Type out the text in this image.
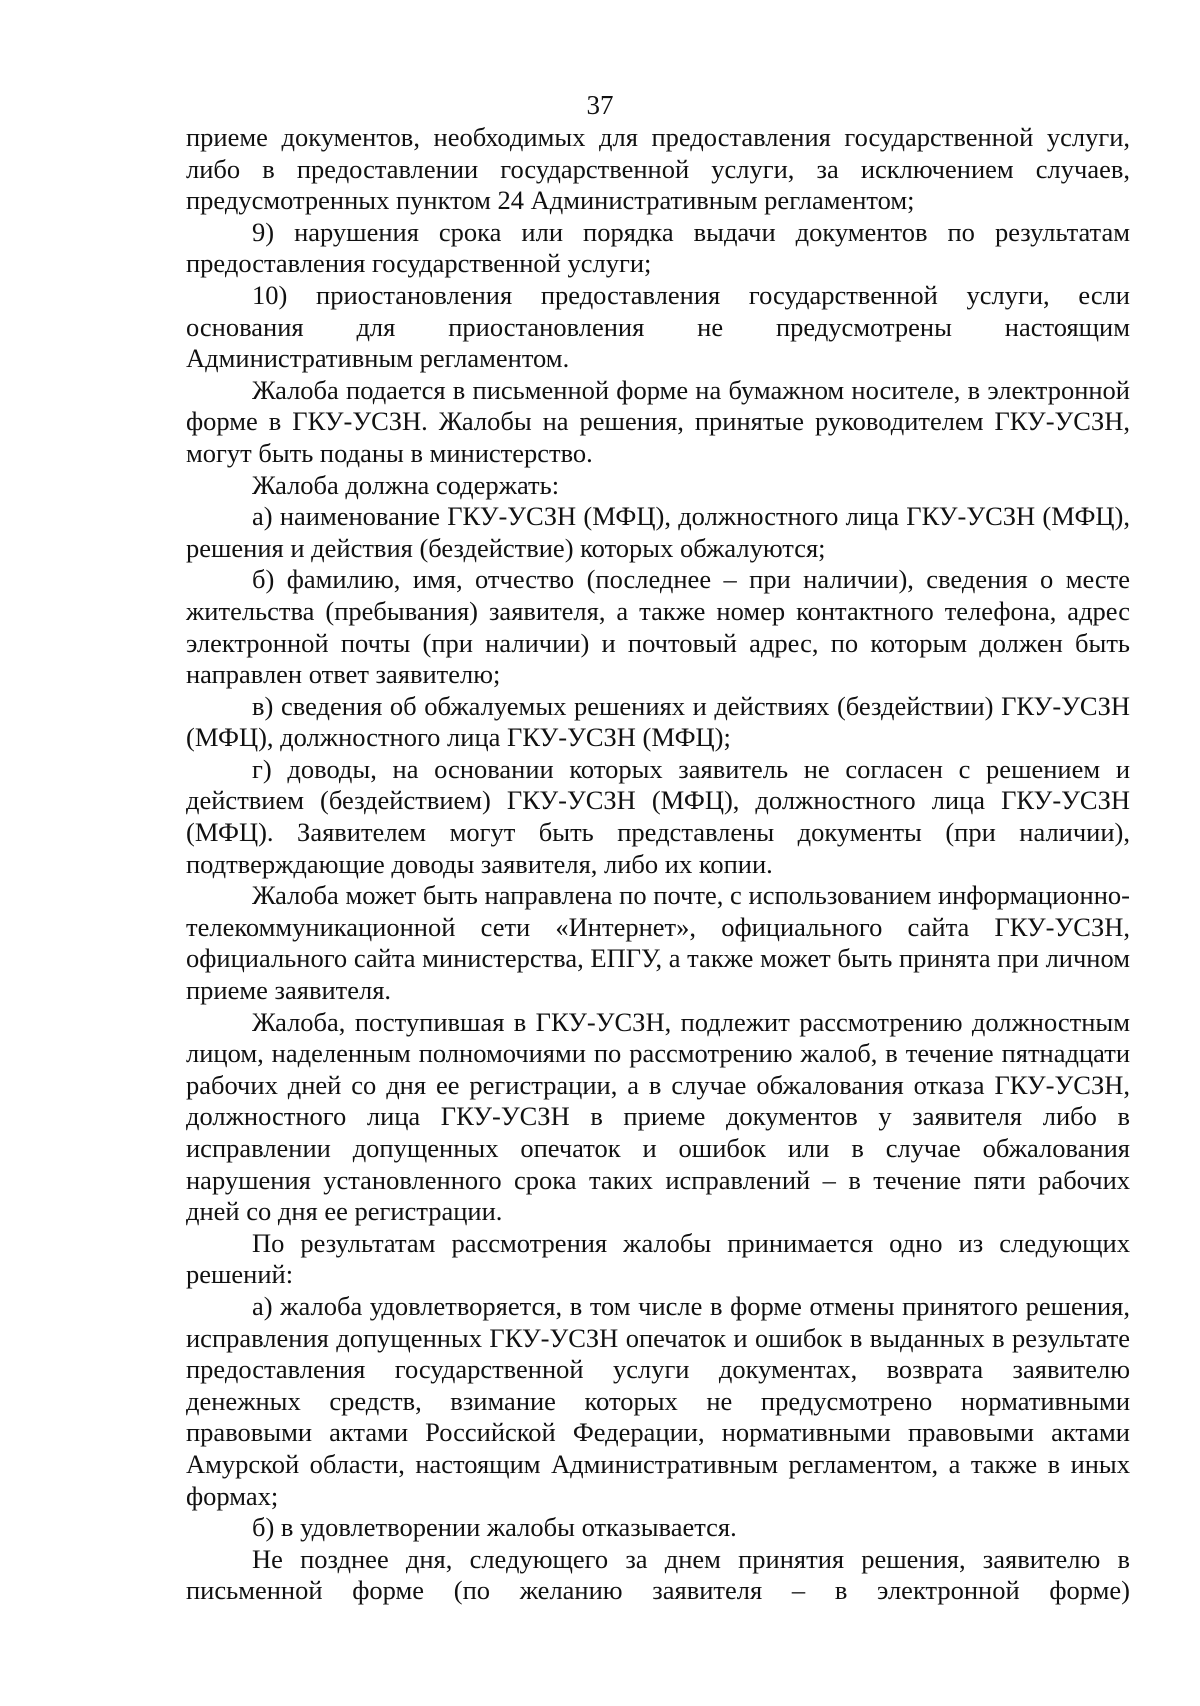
37

приеме документов, необходимых для предоставления государственной услуги, либо в предоставлении государственной услуги, за исключением случаев, предусмотренных пунктом 24 Административным регламентом;

9) нарушения срока или порядка выдачи документов по результатам предоставления государственной услуги;

10) приостановления предоставления государственной услуги, если основания для приостановления не предусмотрены настоящим Административным регламентом.

Жалоба подается в письменной форме на бумажном носителе, в электронной форме в ГКУ-УСЗН. Жалобы на решения, принятые руководителем ГКУ-УСЗН, могут быть поданы в министерство.

Жалоба должна содержать:

а) наименование ГКУ-УСЗН (МФЦ), должностного лица ГКУ-УСЗН (МФЦ), решения и действия (бездействие) которых обжалуются;

б) фамилию, имя, отчество (последнее – при наличии), сведения о месте жительства (пребывания) заявителя, а также номер контактного телефона, адрес электронной почты (при наличии) и почтовый адрес, по которым должен быть направлен ответ заявителю;

в) сведения об обжалуемых решениях и действиях (бездействии) ГКУ-УСЗН (МФЦ), должностного лица ГКУ-УСЗН (МФЦ);

г) доводы, на основании которых заявитель не согласен с решением и действием (бездействием) ГКУ-УСЗН (МФЦ), должностного лица ГКУ-УСЗН (МФЦ). Заявителем могут быть представлены документы (при наличии), подтверждающие доводы заявителя, либо их копии.

Жалоба может быть направлена по почте, с использованием информационно-телекоммуникационной сети «Интернет», официального сайта ГКУ-УСЗН, официального сайта министерства, ЕПГУ, а также может быть принята при личном приеме заявителя.

Жалоба, поступившая в ГКУ-УСЗН, подлежит рассмотрению должностным лицом, наделенным полномочиями по рассмотрению жалоб, в течение пятнадцати рабочих дней со дня ее регистрации, а в случае обжалования отказа ГКУ-УСЗН, должностного лица ГКУ-УСЗН в приеме документов у заявителя либо в исправлении допущенных опечаток и ошибок или в случае обжалования нарушения установленного срока таких исправлений – в течение пяти рабочих дней со дня ее регистрации.

По результатам рассмотрения жалобы принимается одно из следующих решений:

а) жалоба удовлетворяется, в том числе в форме отмены принятого решения, исправления допущенных ГКУ-УСЗН опечаток и ошибок в выданных в результате предоставления государственной услуги документах, возврата заявителю денежных средств, взимание которых не предусмотрено нормативными правовыми актами Российской Федерации, нормативными правовыми актами Амурской области, настоящим Административным регламентом, а также в иных формах;

б) в удовлетворении жалобы отказывается.

Не позднее дня, следующего за днем принятия решения, заявителю в письменной форме (по желанию заявителя – в электронной форме)
